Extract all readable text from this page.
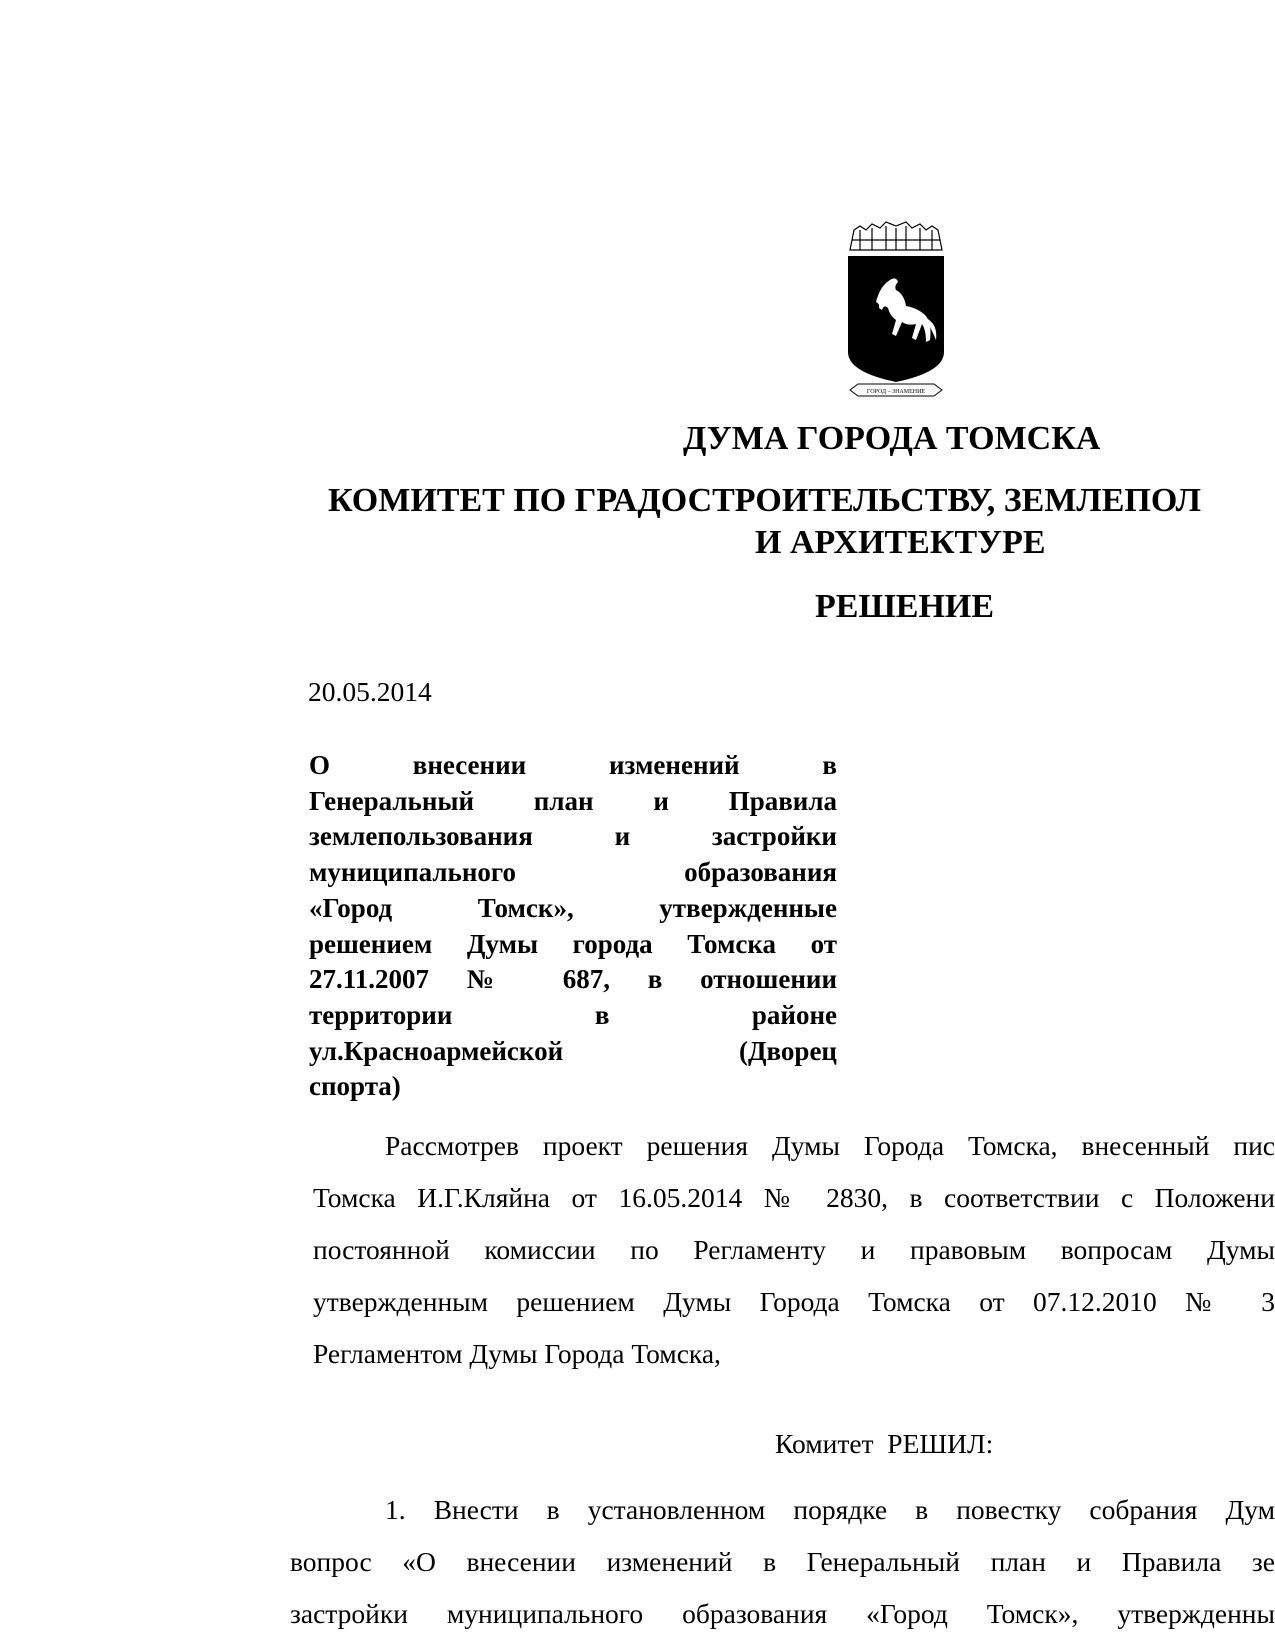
ГОРОД – ЗНАМЕНИЕ
ДУМА ГОРОДА ТОМСКА
КОМИТЕТ ПО ГРАДОСТРОИТЕЛЬСТВУ, ЗЕМЛЕПОЛ
И АРХИТЕКТУРЕ
РЕШЕНИЕ
20.05.2014
О внесении изменений в
Генеральный план и Правила
землепользования и застройки
муниципального образования
«Город Томск», утвержденные
решением Думы города Томска от
27.11.2007 № 687, в отношении
территории в районе
ул.Красноармейской (Дворец
спорта)
Рассмотрев проект решения Думы Города Томска, внесенный пис
Томска И.Г.Кляйна от 16.05.2014 № 2830, в соответствии с Положени
постоянной комиссии по Регламенту и правовым вопросам Думы
утвержденным решением Думы Города Томска от 07.12.2010 № 3
Регламентом Думы Города Томска,
Комитет  РЕШИЛ:
1. Внести в установленном порядке в повестку собрания Дум
вопрос «О внесении изменений в Генеральный план и Правила зе
застройки муниципального образования «Город Томск», утвержденны
